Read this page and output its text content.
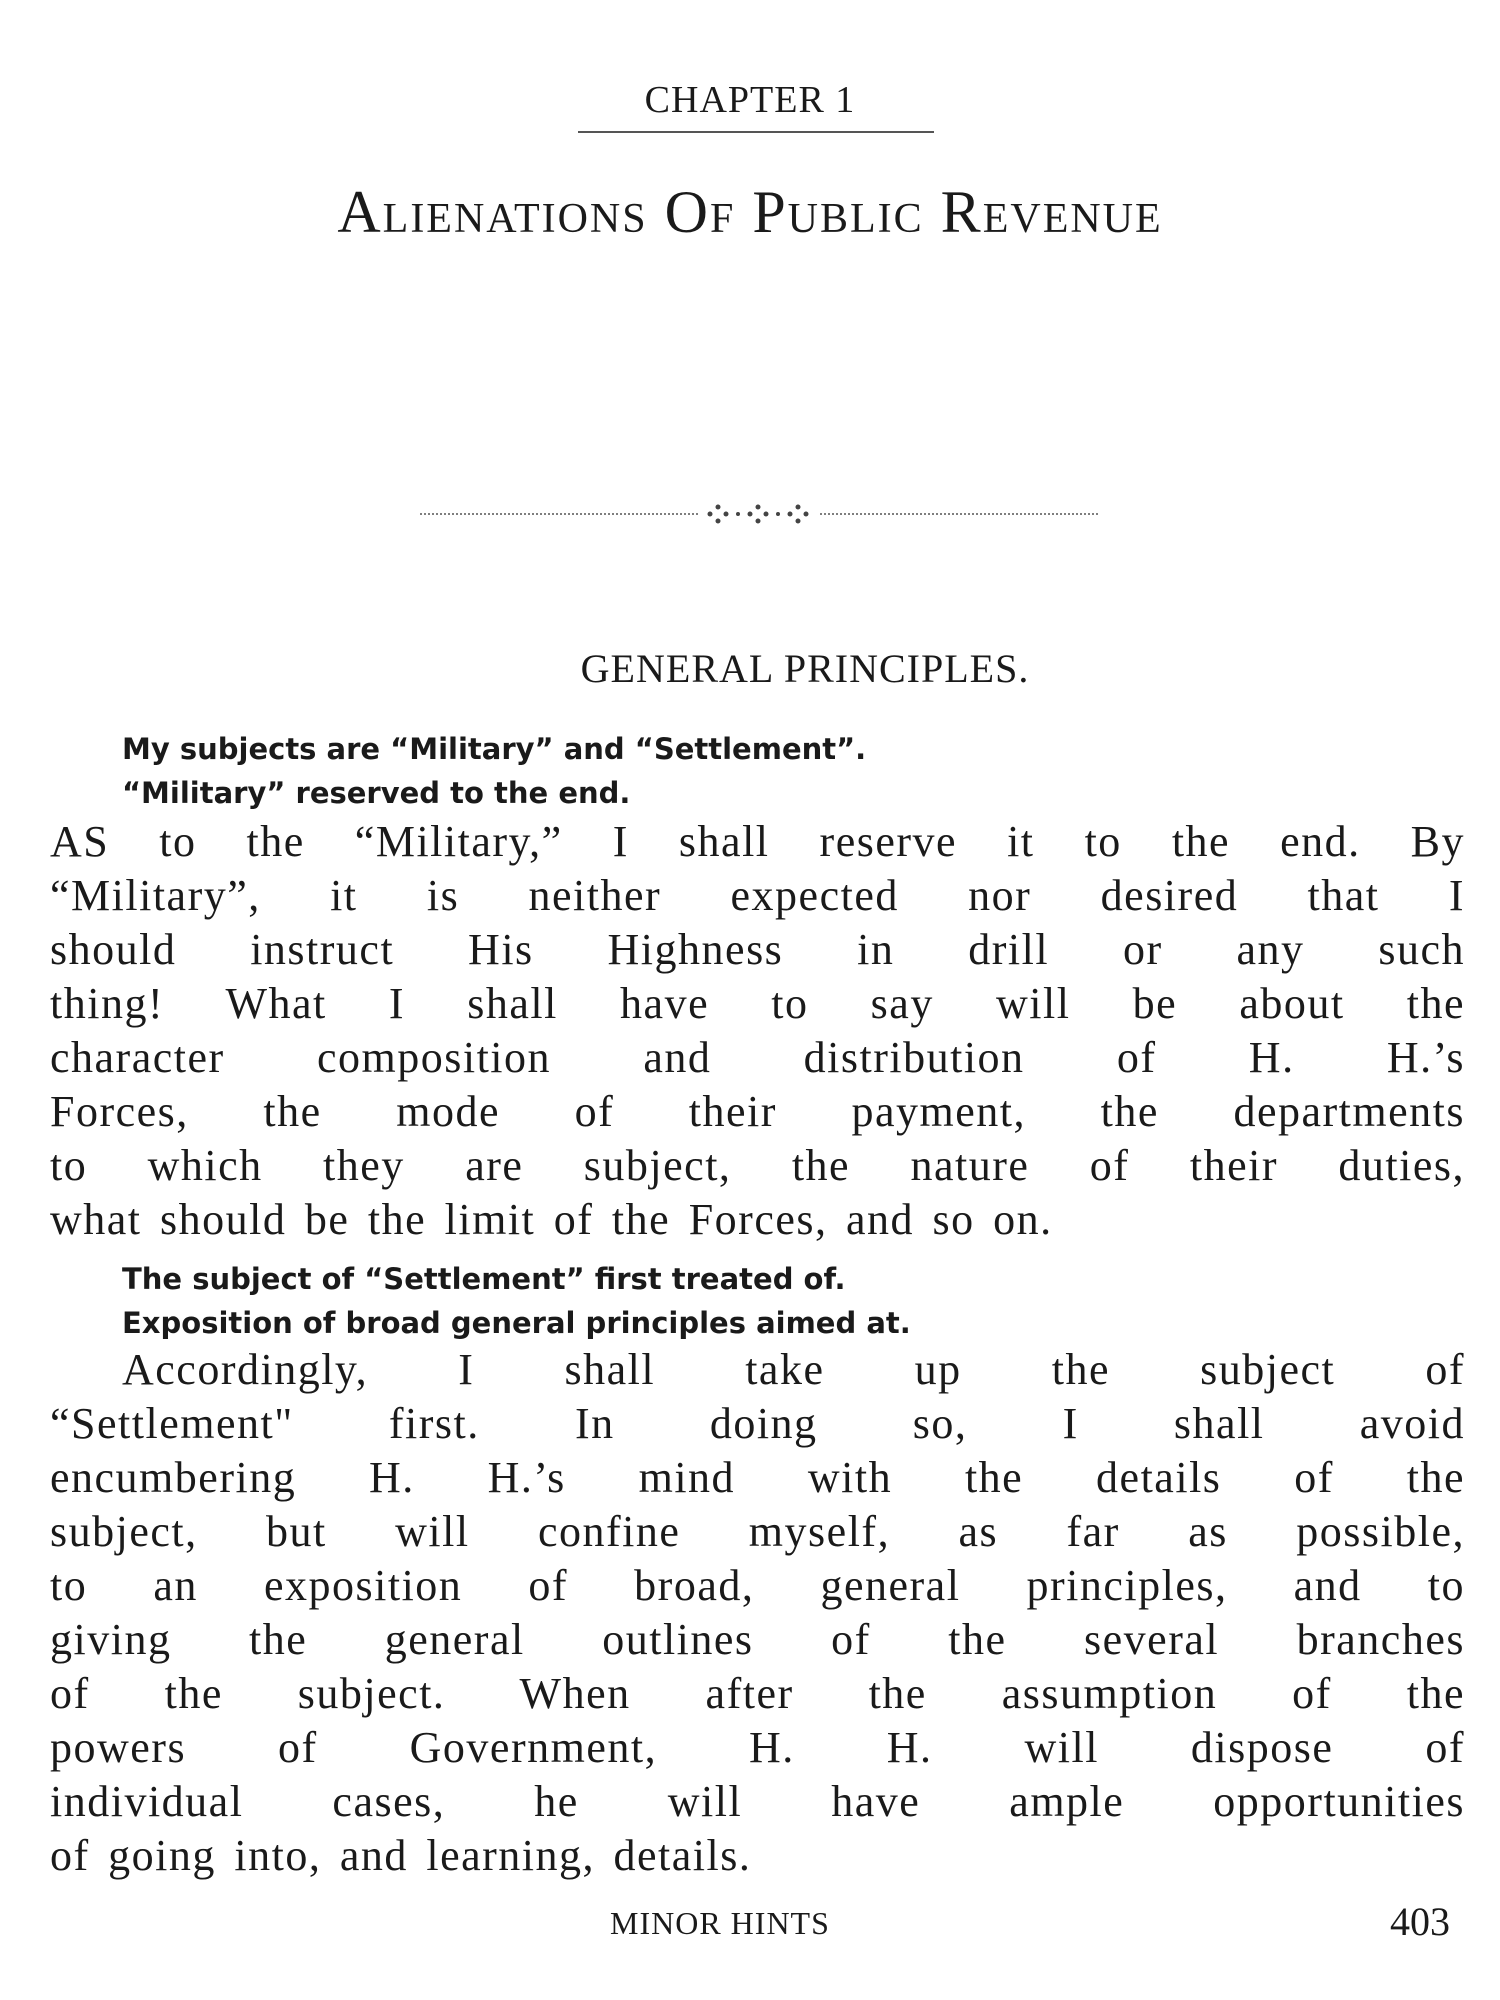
CHAPTER 1
Alienations Of Public Revenue
GENERAL PRINCIPLES.
My subjects are “Military” and “Settlement”.
“Military” reserved to the end.
AS to the “Military,” I shall reserve it to the end. By
“Military”, it is neither expected nor desired that I
should instruct His Highness in drill or any such
thing! What I shall have to say will be about the
character composition and distribution of H. H.’s
Forces, the mode of their payment, the departments
to which they are subject, the nature of their duties,
what should be the limit of the Forces, and so on.
The subject of “Settlement” first treated of.
Exposition of broad general principles aimed at.
Accordingly, I shall take up the subject of
“Settlement" first. In doing so, I shall avoid
encumbering H. H.’s mind with the details of the
subject, but will confine myself, as far as possible,
to an exposition of broad, general principles, and to
giving the general outlines of the several branches
of the subject. When after the assumption of the
powers of Government, H. H. will dispose of
individual cases, he will have ample opportunities
of going into, and learning, details.
MINOR HINTS	403
